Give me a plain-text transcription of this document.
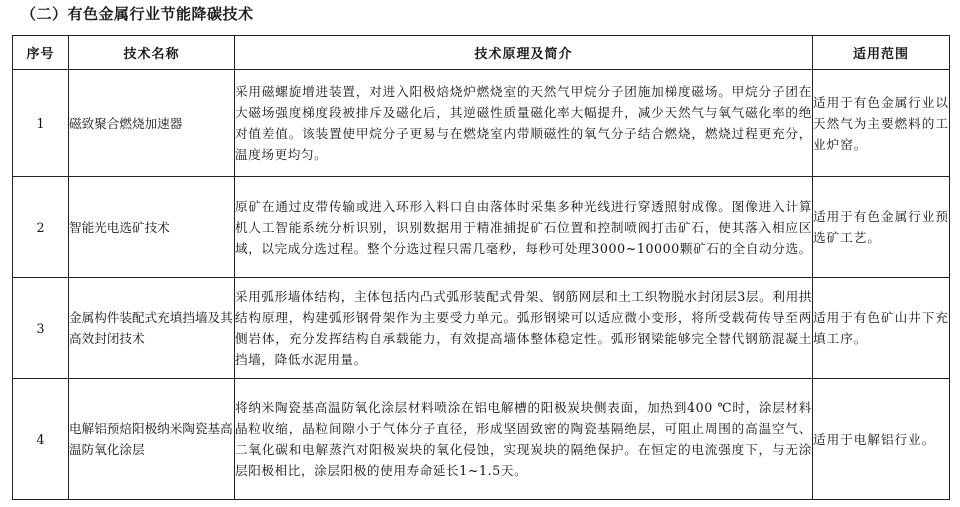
（二）有色金属行业节能降碳技术
序号	技术名称	技术原理及简介	适用范围
1	磁致聚合燃烧加速器	采用磁螺旋增进装置，对进入阳极焙烧炉燃烧室的天然气甲烷分子团施加梯度磁场。甲烷分子团在大磁场强度梯度段被排斥及磁化后，其逆磁性质量磁化率大幅提升，减少天然气与氧气磁化率的绝对值差值。该装置使甲烷分子更易与在燃烧室内带顺磁性的氧气分子结合燃烧，燃烧过程更充分，温度场更均匀。	适用于有色金属行业以天然气为主要燃料的工业炉窑。
2	智能光电选矿技术	原矿在通过皮带传输或进入环形入料口自由落体时采集多种光线进行穿透照射成像。图像进入计算机人工智能系统分析识别，识别数据用于精准捕捉矿石位置和控制喷阀打击矿石，使其落入相应区域，以完成分选过程。整个分选过程只需几毫秒，每秒可处理3000~10000颗矿石的全自动分选。	适用于有色金属行业预选矿工艺。
3	金属构件装配式充填挡墙及其高效封闭技术	采用弧形墙体结构，主体包括内凸式弧形装配式骨架、钢筋网层和土工织物脱水封闭层3层。利用拱结构原理，构建弧形钢骨架作为主要受力单元。弧形钢梁可以适应微小变形，将所受载荷传导至两侧岩体，充分发挥结构自承载能力，有效提高墙体整体稳定性。弧形钢梁能够完全替代钢筋混凝土挡墙，降低水泥用量。	适用于有色矿山井下充填工序。
4	电解铝预焙阳极纳米陶瓷基高温防氧化涂层	将纳米陶瓷基高温防氧化涂层材料喷涂在铝电解槽的阳极炭块侧表面，加热到400 ℃时，涂层材料晶粒收缩，晶粒间隙小于气体分子直径，形成坚固致密的陶瓷基隔绝层，可阻止周围的高温空气、二氧化碳和电解蒸汽对阳极炭块的氧化侵蚀，实现炭块的隔绝保护。在恒定的电流强度下，与无涂层阳极相比，涂层阳极的使用寿命延长1~1.5天。	适用于电解铝行业。
